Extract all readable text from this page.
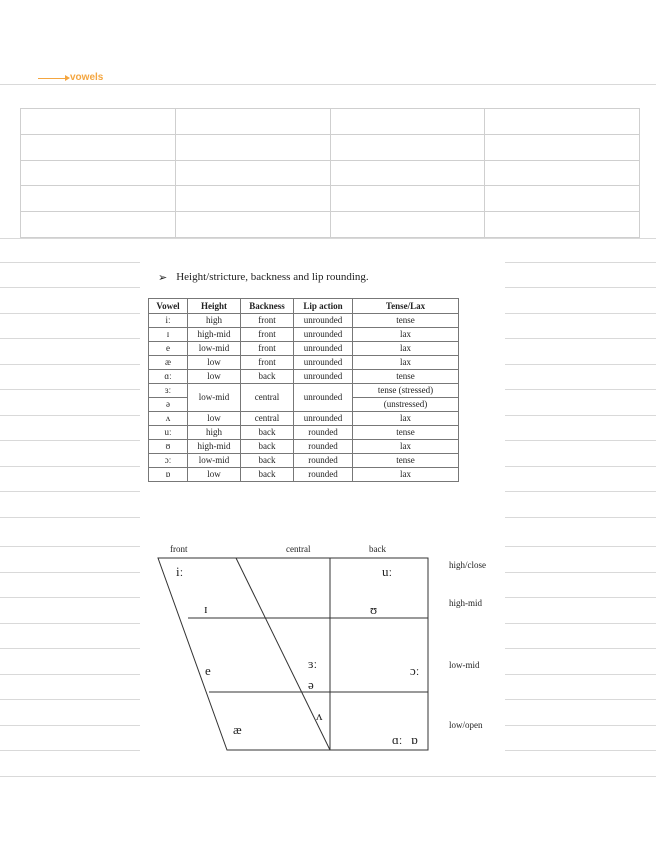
vowels

➢ Height/stricture, backness and lip rounding.
Vowel	Height	Backness	Lip action	Tense/Lax
iː	high	front	unrounded	tense
ɪ	high-mid	front	unrounded	lax
e	low-mid	front	unrounded	lax
æ	low	front	unrounded	lax
ɑː	low	back	unrounded	tense
ɜː	low-mid	central	unrounded	tense (stressed)
ə				(unstressed)
ʌ	low	central	unrounded	lax
uː	high	back	rounded	tense
ʊ	high-mid	back	rounded	lax
ɔː	low-mid	back	rounded	tense
ɒ	low	back	rounded	lax
front	central	back
high/close
high-mid
low-mid
low/open
iː	uː
ɪ	ʊ
e	ɜː
ə
ɔː
ʌ
æ
ɑː ɒ
